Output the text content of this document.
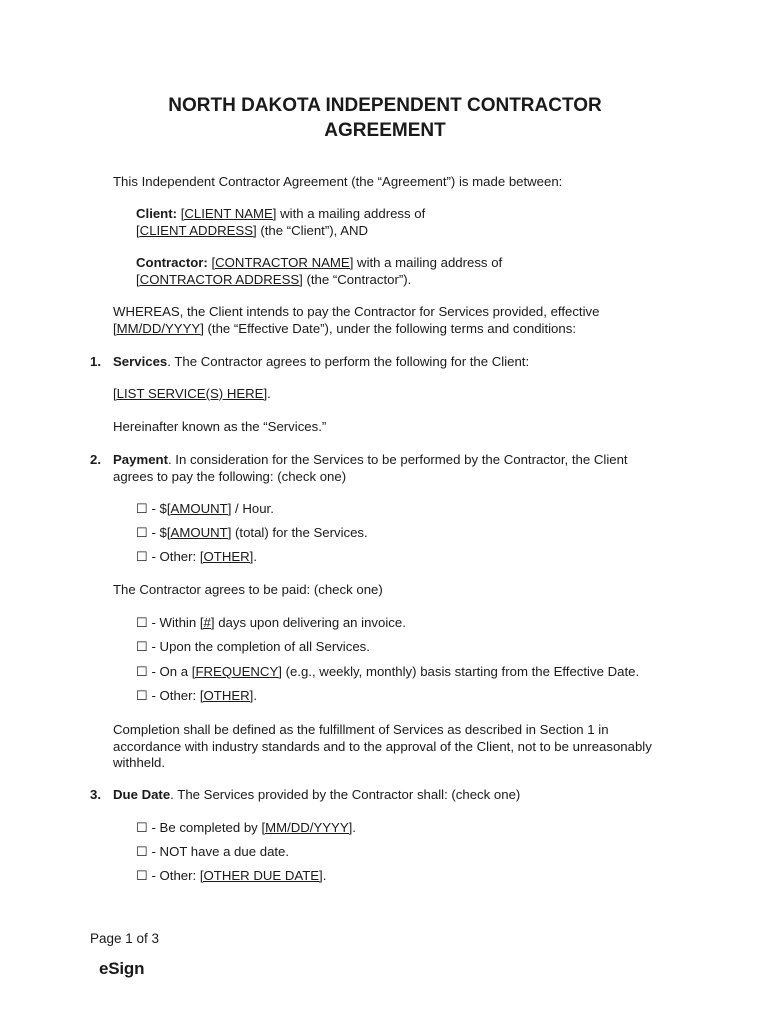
NORTH DAKOTA INDEPENDENT CONTRACTOR
AGREEMENT
This Independent Contractor Agreement (the “Agreement”) is made between:
Client: [CLIENT NAME] with a mailing address of
[CLIENT ADDRESS] (the “Client”), AND
Contractor: [CONTRACTOR NAME] with a mailing address of
[CONTRACTOR ADDRESS] (the “Contractor”).
WHEREAS, the Client intends to pay the Contractor for Services provided, effective
[MM/DD/YYYY] (the “Effective Date”), under the following terms and conditions:
1. Services. The Contractor agrees to perform the following for the Client:
[LIST SERVICE(S) HERE].
Hereinafter known as the “Services.”
2. Payment. In consideration for the Services to be performed by the Contractor, the Client
agrees to pay the following: (check one)
☐ - $[AMOUNT] / Hour.
☐ - $[AMOUNT] (total) for the Services.
☐ - Other: [OTHER].
The Contractor agrees to be paid: (check one)
☐ - Within [#] days upon delivering an invoice.
☐ - Upon the completion of all Services.
☐ - On a [FREQUENCY] (e.g., weekly, monthly) basis starting from the Effective Date.
☐ - Other: [OTHER].
Completion shall be defined as the fulfillment of Services as described in Section 1 in
accordance with industry standards and to the approval of the Client, not to be unreasonably
withheld.
3. Due Date. The Services provided by the Contractor shall: (check one)
☐ - Be completed by [MM/DD/YYYY].
☐ - NOT have a due date.
☐ - Other: [OTHER DUE DATE].
Page 1 of 3
eSign
